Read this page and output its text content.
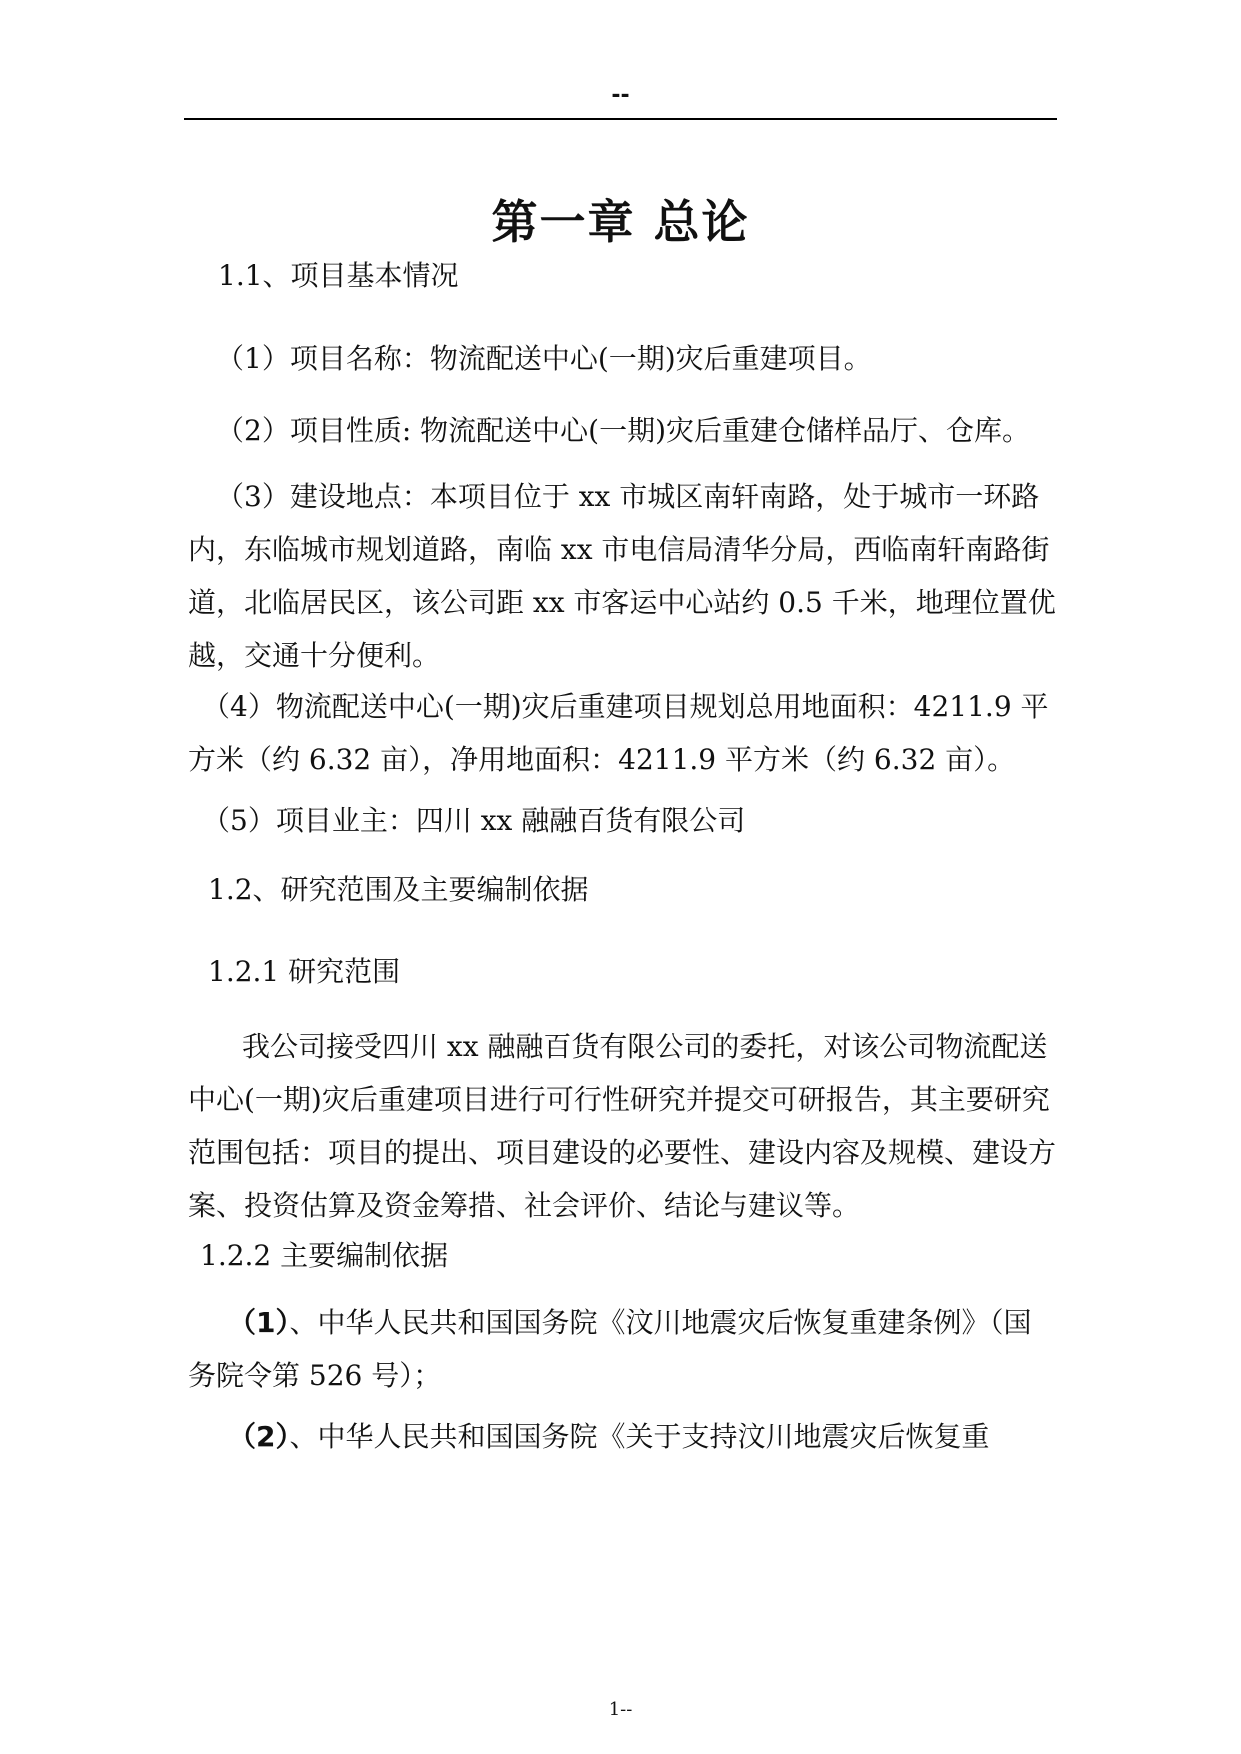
--
第一章 总论

1.1、项目基本情况

（1）项目名称：物流配送中心(一期)灾后重建项目。

（2）项目性质: 物流配送中心(一期)灾后重建仓储样品厅、仓库。

（3）建设地点：本项目位于 xx 市城区南轩南路，处于城市一环路内，东临城市规划道路，南临 xx 市电信局清华分局，西临南轩南路街道，北临居民区，该公司距 xx 市客运中心站约 0.5 千米，地理位置优越，交通十分便利。

（4）物流配送中心(一期)灾后重建项目规划总用地面积：4211.9 平方米（约 6.32 亩），净用地面积：4211.9 平方米（约 6.32 亩）。

（5）项目业主：四川 xx 融融百货有限公司

1.2、研究范围及主要编制依据

1.2.1 研究范围

我公司接受四川 xx 融融百货有限公司的委托，对该公司物流配送中心(一期)灾后重建项目进行可行性研究并提交可研报告，其主要研究范围包括：项目的提出、项目建设的必要性、建设内容及规模、建设方案、投资估算及资金筹措、社会评价、结论与建议等。

1.2.2 主要编制依据

（1）、中华人民共和国国务院《汶川地震灾后恢复重建条例》（国务院令第 526 号）；

（2）、中华人民共和国国务院《关于支持汶川地震灾后恢复重

1--
